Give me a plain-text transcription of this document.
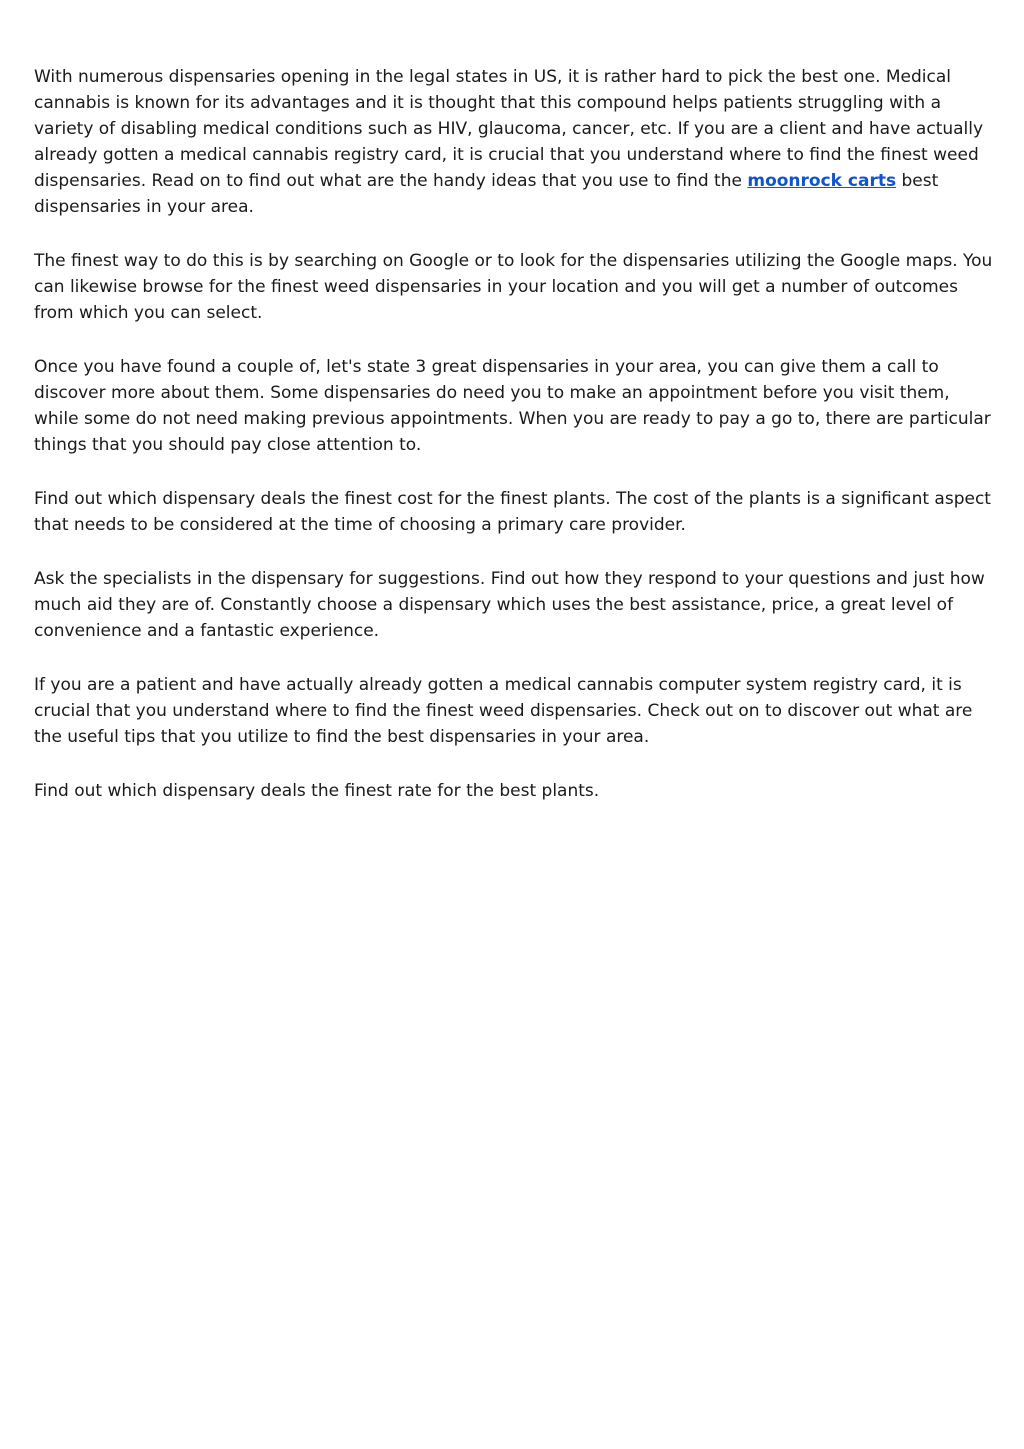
With numerous dispensaries opening in the legal states in US, it is rather hard to pick the best one. Medical cannabis is known for its advantages and it is thought that this compound helps patients struggling with a variety of disabling medical conditions such as HIV, glaucoma, cancer, etc. If you are a client and have actually already gotten a medical cannabis registry card, it is crucial that you understand where to find the finest weed dispensaries. Read on to find out what are the handy ideas that you use to find the moonrock carts best dispensaries in your area.

The finest way to do this is by searching on Google or to look for the dispensaries utilizing the Google maps. You can likewise browse for the finest weed dispensaries in your location and you will get a number of outcomes from which you can select.

Once you have found a couple of, let's state 3 great dispensaries in your area, you can give them a call to discover more about them. Some dispensaries do need you to make an appointment before you visit them, while some do not need making previous appointments. When you are ready to pay a go to, there are particular things that you should pay close attention to.

Find out which dispensary deals the finest cost for the finest plants. The cost of the plants is a significant aspect that needs to be considered at the time of choosing a primary care provider.

Ask the specialists in the dispensary for suggestions. Find out how they respond to your questions and just how much aid they are of. Constantly choose a dispensary which uses the best assistance, price, a great level of convenience and a fantastic experience.

If you are a patient and have actually already gotten a medical cannabis computer system registry card, it is crucial that you understand where to find the finest weed dispensaries. Check out on to discover out what are the useful tips that you utilize to find the best dispensaries in your area.

Find out which dispensary deals the finest rate for the best plants.
